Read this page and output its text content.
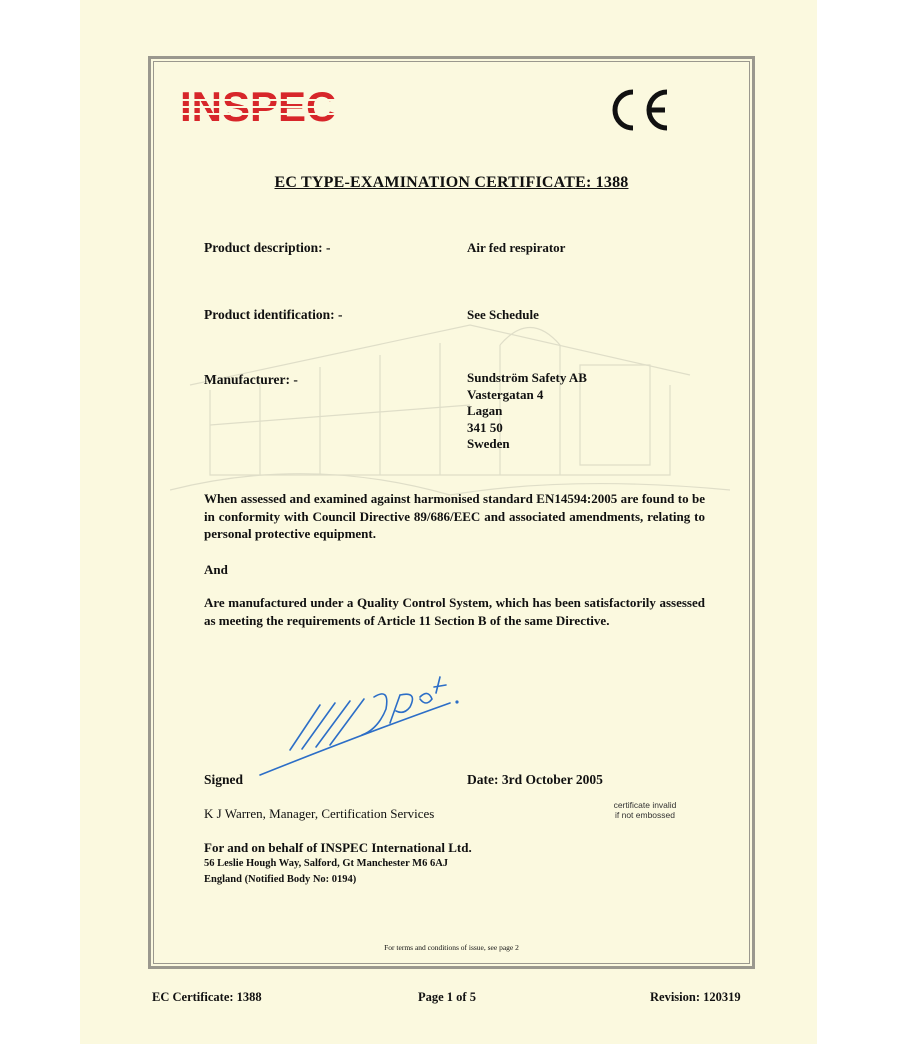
EC TYPE-EXAMINATION CERTIFICATE: 1388
Product description: -	Air fed respirator
Product identification: -	See Schedule
Manufacturer: -	Sundström Safety AB
Vastergatan 4
Lagan
341 50
Sweden
When assessed and examined against harmonised standard EN14594:2005 are found to be in conformity with Council Directive 89/686/EEC and associated amendments, relating to personal protective equipment.
And
Are manufactured under a Quality Control System, which has been satisfactorily assessed as meeting the requirements of Article 11 Section B of the same Directive.
Signed	Date: 3rd October 2005
K J Warren, Manager, Certification Services
certificate invalid
if not embossed
For and on behalf of INSPEC International Ltd.
56 Leslie Hough Way, Salford, Gt Manchester M6 6AJ
England (Notified Body No: 0194)
For terms and conditions of issue, see page 2
EC Certificate: 1388	Page 1 of 5	Revision: 120319
